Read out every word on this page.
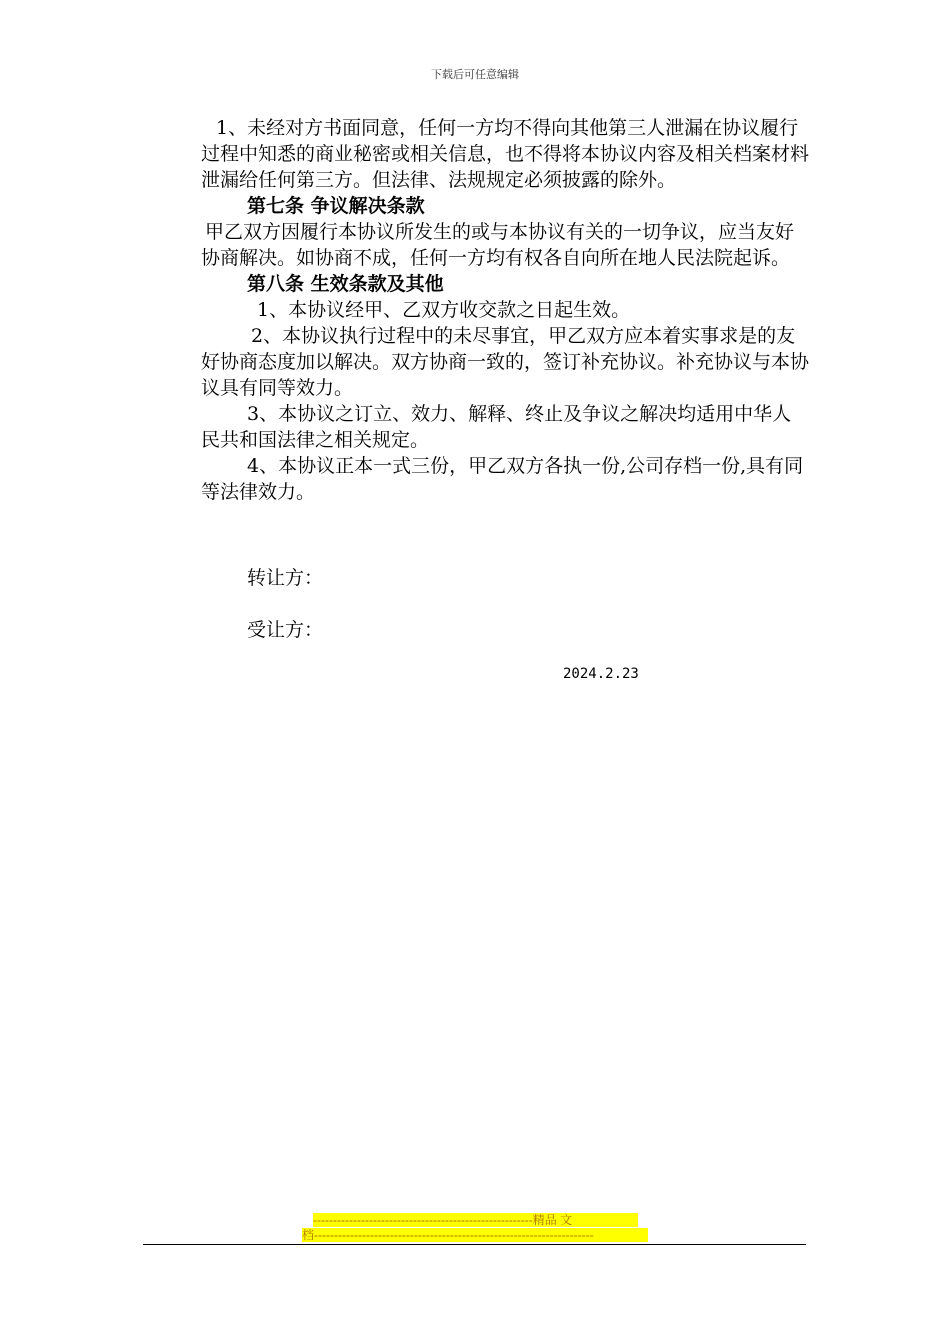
下载后可任意编辑

1、未经对方书面同意，任何一方均不得向其他第三人泄漏在协议履行过程中知悉的商业秘密或相关信息，也不得将本协议内容及相关档案材料泄漏给任何第三方。但法律、法规规定必须披露的除外。

第七条 争议解决条款

甲乙双方因履行本协议所发生的或与本协议有关的一切争议，应当友好协商解决。如协商不成，任何一方均有权各自向所在地人民法院起诉。

第八条 生效条款及其他

1、本协议经甲、乙双方收交款之日起生效。

2、本协议执行过程中的未尽事宜，甲乙双方应本着实事求是的友好协商态度加以解决。双方协商一致的，签订补充协议。补充协议与本协议具有同等效力。

3、本协议之订立、效力、解释、终止及争议之解决均适用中华人民共和国法律之相关规定。

4、本协议正本一式三份，甲乙双方各执一份,公司存档一份,具有同等法律效力。

转让方：
受让方：
2024.2.23
-------------------------------------------------------精品 文
档----------------------------------------------------------------------
